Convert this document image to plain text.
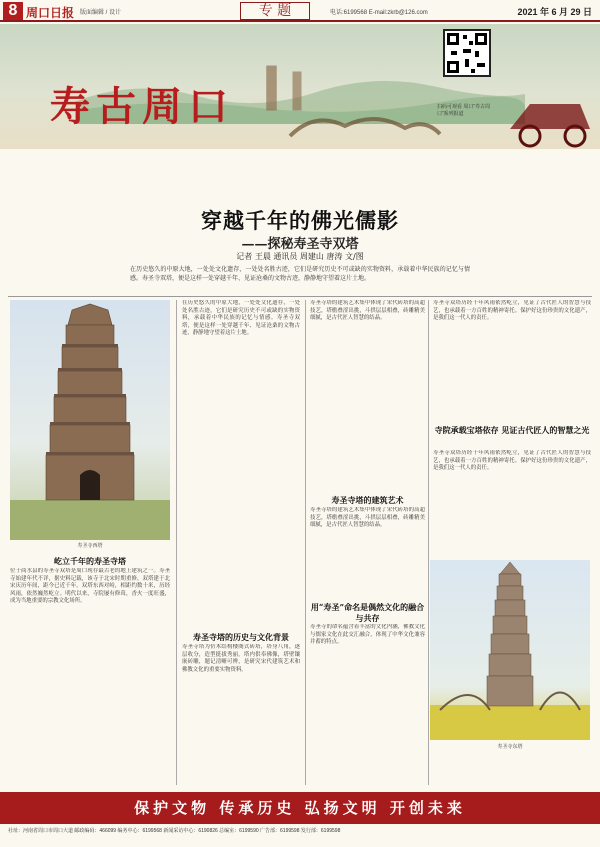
8 周口日报 版面编辑 / 设计	专 题	电话:6199568 E-mail:zkrb@126.com	2021 年 6 月 29 日
寿古周口	扫码可观看 周口“寿古周口”系列报道
穿越千年的佛光儒影
——探秘寿圣寺双塔
记者 王晨 通讯员 周建山 唐涛 文/图
在历史悠久的中原大地，一处处文化遗存，一处处名胜古迹，它们是研究历史不可或缺的实物资料，承载着中华民族的记忆与情感。寿圣寺双塔，便是这样一处穿越千年、见证沧桑的文物古迹，静静地守望着这片土地。
寿圣寺西塔
屹立千年的寿圣寺塔
位于商水县的寿圣寺双塔是周口现存最古老的地上建筑之一。寿圣寺始建年代不详，据史料记载，该寺于北宋时期重修，双塔建于北宋庆历年间，距今已近千年。双塔东西对峙，相距约数十米，历经风雨，依然巍然屹立。明代以来，寺院屡有修葺，香火一度旺盛，成为当地重要的宗教文化场所。
在历史悠久的中原大地，一处处文化遗存，一处处名胜古迹，它们是研究历史不可或缺的实物资料，承载着中华民族的记忆与情感。寿圣寺双塔，便是这样一处穿越千年、见证沧桑的文物古迹，静静地守望着这片土地。
寿圣寺塔的历史与文化背景
寿圣寺塔为仿木结构楼阁式砖塔，塔身八角，逐层收分，造型挺拔秀丽。塔内供奉佛像，塔壁镶嵌砖雕，题记清晰可辨，是研究宋代建筑艺术和佛教文化的重要实物资料。
寿圣寺塔的建筑艺术集中体现了宋代砖塔的高超技艺，塔檐叠涩出挑，斗拱层层相叠，砖雕精美细腻，是古代匠人智慧的结晶。
寿圣寺塔的建筑艺术
寿圣寺塔的建筑艺术集中体现了宋代砖塔的高超技艺，塔檐叠涩出挑，斗拱层层相叠，砖雕精美细腻，是古代匠人智慧的结晶。
用“寿圣”命名是偶然文化的融合与共存
寿圣寺的命名蕴含着丰富的文化内涵，佛教文化与儒家文化在此交汇融合，体现了中华文化兼容并蓄的特点。
寿圣寺双塔历经千年风雨依然屹立，见证了古代匠人的智慧与技艺，也承载着一方百姓的精神寄托。保护好这份珍贵的文化遗产，是我们这一代人的责任。
寺院承载宝塔依存 见证古代匠人的智慧之光
寿圣寺双塔历经千年风雨依然屹立，见证了古代匠人的智慧与技艺，也承载着一方百姓的精神寄托。保护好这份珍贵的文化遗产，是我们这一代人的责任。
寿圣寺东塔
保护文物 传承历史 弘扬文明 开创未来
社址：河南省周口市周口大道 邮政编码：466099 编务中心：6199568 新闻采访中心：6190826 总编室：6199590 广告部：6199598 发行部：6199598
